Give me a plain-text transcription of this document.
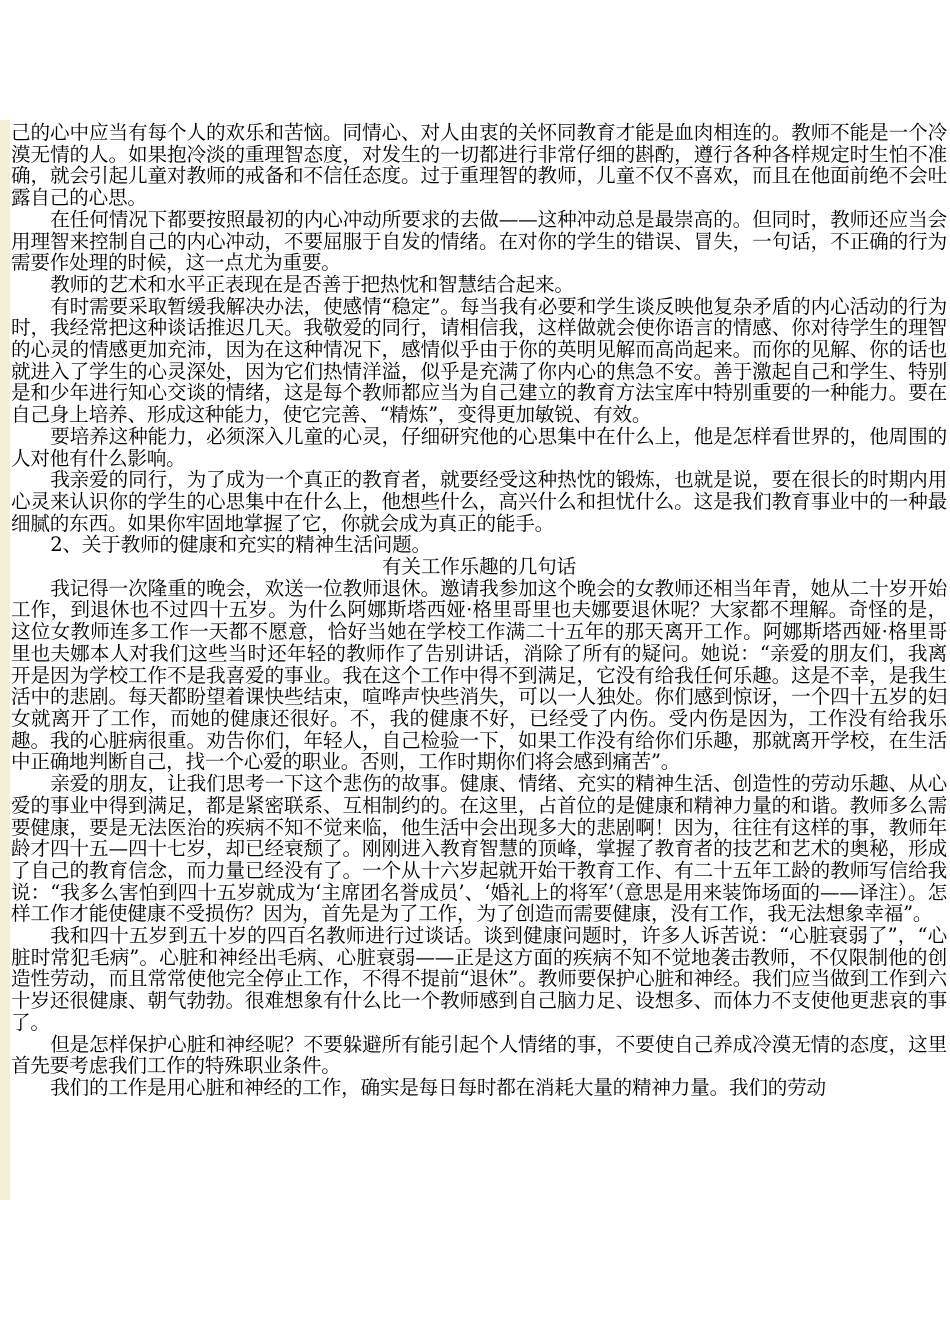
己的心中应当有每个人的欢乐和苦恼。同情心、对人由衷的关怀同教育才能是血肉相连的。教师不能是一个冷漠无情的人。如果抱冷淡的重理智态度，对发生的一切都进行非常仔细的斟酌，遵行各种各样规定时生怕不准确，就会引起儿童对教师的戒备和不信任态度。过于重理智的教师，儿童不仅不喜欢，而且在他面前绝不会吐露自己的心思。

在任何情况下都要按照最初的内心冲动所要求的去做——这种冲动总是最崇高的。但同时，教师还应当会用理智来控制自己的内心冲动，不要屈服于自发的情绪。在对你的学生的错误、冒失，一句话，不正确的行为需要作处理的时候，这一点尤为重要。

教师的艺术和水平正表现在是否善于把热忱和智慧结合起来。

有时需要采取暂缓我解决办法，使感情“稳定”。每当我有必要和学生谈反映他复杂矛盾的内心活动的行为时，我经常把这种谈话推迟几天。我敬爱的同行，请相信我，这样做就会使你语言的情感、你对待学生的理智的心灵的情感更加充沛，因为在这种情况下，感情似乎由于你的英明见解而高尚起来。而你的见解、你的话也就进入了学生的心灵深处，因为它们热情洋溢，似乎是充满了你内心的焦急不安。善于激起自己和学生、特别是和少年进行知心交谈的情绪，这是每个教师都应当为自己建立的教育方法宝库中特别重要的一种能力。要在自己身上培养、形成这种能力，使它完善、“精炼”，变得更加敏锐、有效。

要培养这种能力，必须深入儿童的心灵，仔细研究他的心思集中在什么上，他是怎样看世界的，他周围的人对他有什么影响。

我亲爱的同行，为了成为一个真正的教育者，就要经受这种热忱的锻炼，也就是说，要在很长的时期内用心灵来认识你的学生的心思集中在什么上，他想些什么，高兴什么和担忧什么。这是我们教育事业中的一种最细腻的东西。如果你牢固地掌握了它，你就会成为真正的能手。

2、关于教师的健康和充实的精神生活问题。

有关工作乐趣的几句话

我记得一次隆重的晚会，欢送一位教师退休。邀请我参加这个晚会的女教师还相当年青，她从二十岁开始工作，到退休也不过四十五岁。为什么阿娜斯塔西娅·格里哥里也夫娜要退休呢？大家都不理解。奇怪的是，这位女教师连多工作一天都不愿意，恰好当她在学校工作满二十五年的那天离开工作。阿娜斯塔西娅·格里哥里也夫娜本人对我们这些当时还年轻的教师作了告别讲话，消除了所有的疑问。她说：“亲爱的朋友们，我离开是因为学校工作不是我喜爱的事业。我在这个工作中得不到满足，它没有给我任何乐趣。这是不幸，是我生活中的悲剧。每天都盼望着课快些结束，喧哗声快些消失，可以一人独处。你们感到惊讶，一个四十五岁的妇女就离开了工作，而她的健康还很好。不，我的健康不好，已经受了内伤。受内伤是因为，工作没有给我乐趣。我的心脏病很重。劝告你们，年轻人，自己检验一下，如果工作没有给你们乐趣，那就离开学校，在生活中正确地判断自己，找一个心爱的职业。否则，工作时期你们将会感到痛苦”。

亲爱的朋友，让我们思考一下这个悲伤的故事。健康、情绪、充实的精神生活、创造性的劳动乐趣、从心爱的事业中得到满足，都是紧密联系、互相制约的。在这里，占首位的是健康和精神力量的和谐。教师多么需要健康，要是无法医治的疾病不知不觉来临，他生活中会出现多大的悲剧啊！因为，往往有这样的事，教师年龄才四十五—四十七岁，却已经衰颓了。刚刚进入教育智慧的顶峰，掌握了教育者的技艺和艺术的奥秘，形成了自己的教育信念，而力量已经没有了。一个从十六岁起就开始干教育工作、有二十五年工龄的教师写信给我说：“我多么害怕到四十五岁就成为‘主席团名誉成员’、‘婚礼上的将军’（意思是用来装饰场面的——译注）。怎样工作才能使健康不受损伤？因为，首先是为了工作，为了创造而需要健康，没有工作，我无法想象幸福”。

我和四十五岁到五十岁的四百名教师进行过谈话。谈到健康问题时，许多人诉苦说：“心脏衰弱了”，“心脏时常犯毛病”。心脏和神经出毛病、心脏衰弱——正是这方面的疾病不知不觉地袭击教师，不仅限制他的创造性劳动，而且常常使他完全停止工作，不得不提前“退休”。教师要保护心脏和神经。我们应当做到工作到六十岁还很健康、朝气勃勃。很难想象有什么比一个教师感到自己脑力足、设想多、而体力不支使他更悲哀的事了。

但是怎样保护心脏和神经呢？不要躲避所有能引起个人情绪的事，不要使自己养成冷漠无情的态度，这里首先要考虑我们工作的特殊职业条件。

我们的工作是用心脏和神经的工作，确实是每日每时都在消耗大量的精神力量。我们的劳动
